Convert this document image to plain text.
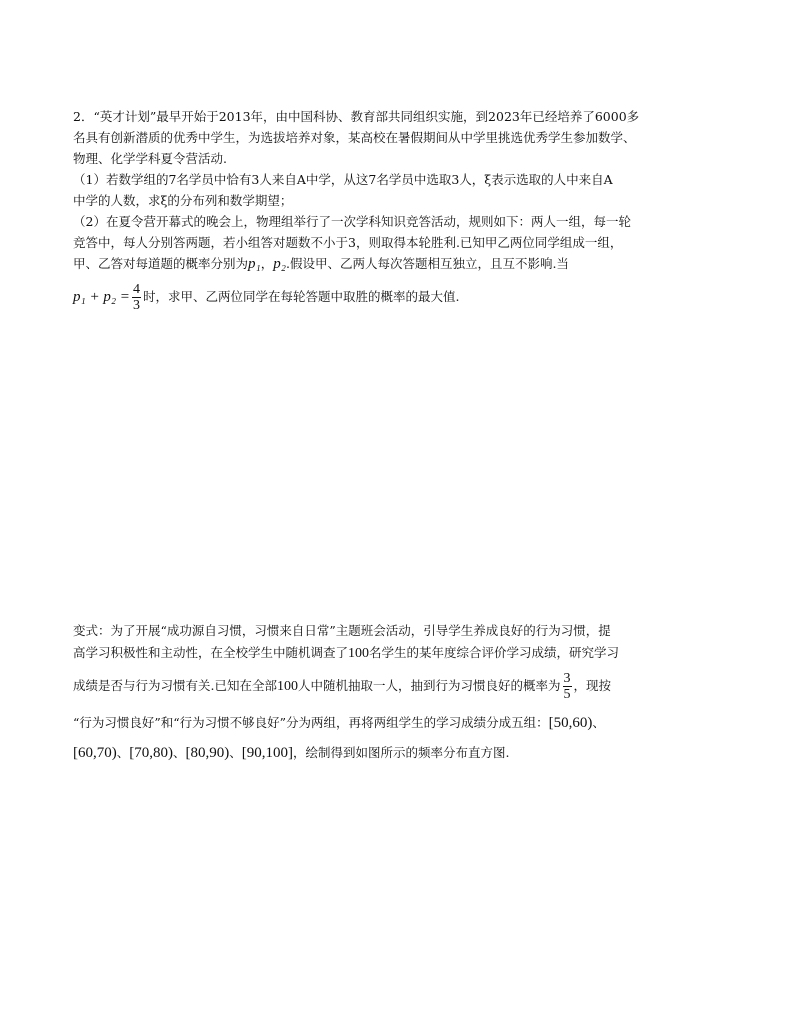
2．“英才计划”最早开始于2013年，由中国科协、教育部共同组织实施，到2023年已经培养了6000多
名具有创新潜质的优秀中学生，为选拔培养对象，某高校在暑假期间从中学里挑选优秀学生参加数学、
物理、化学学科夏令营活动.
（1）若数学组的7名学员中恰有3人来自A中学，从这7名学员中选取3人，ξ表示选取的人中来自A
中学的人数，求ξ的分布列和数学期望；
（2）在夏令营开幕式的晚会上，物理组举行了一次学科知识竞答活动，规则如下：两人一组，每一轮
竞答中，每人分别答两题，若小组答对题数不小于3，则取得本轮胜利.已知甲乙两位同学组成一组，
甲、乙答对每道题的概率分别为p₁，p₂.假设甲、乙两人每次答题相互独立，且互不影响.当
$p_1 + p_2 = \frac{4}{3}$ 时，求甲、乙两位同学在每轮答题中取胜的概率的最大值.
变式：为了开展“成功源自习惯，习惯来自日常”主题班会活动，引导学生养成良好的行为习惯，提
高学习积极性和主动性，在全校学生中随机调查了100名学生的某年度综合评价学习成绩，研究学习
成绩是否与行为习惯有关.已知在全部100人中随机抽取一人，抽到行为习惯良好的概率为 $\frac{3}{5}$ ，现按
“行为习惯良好”和“行为习惯不够良好”分为两组，再将两组学生的学习成绩分成五组：[50,60)、
[60,70)、[70,80)、[80,90)、[90,100]，绘制得到如图所示的频率分布直方图.
